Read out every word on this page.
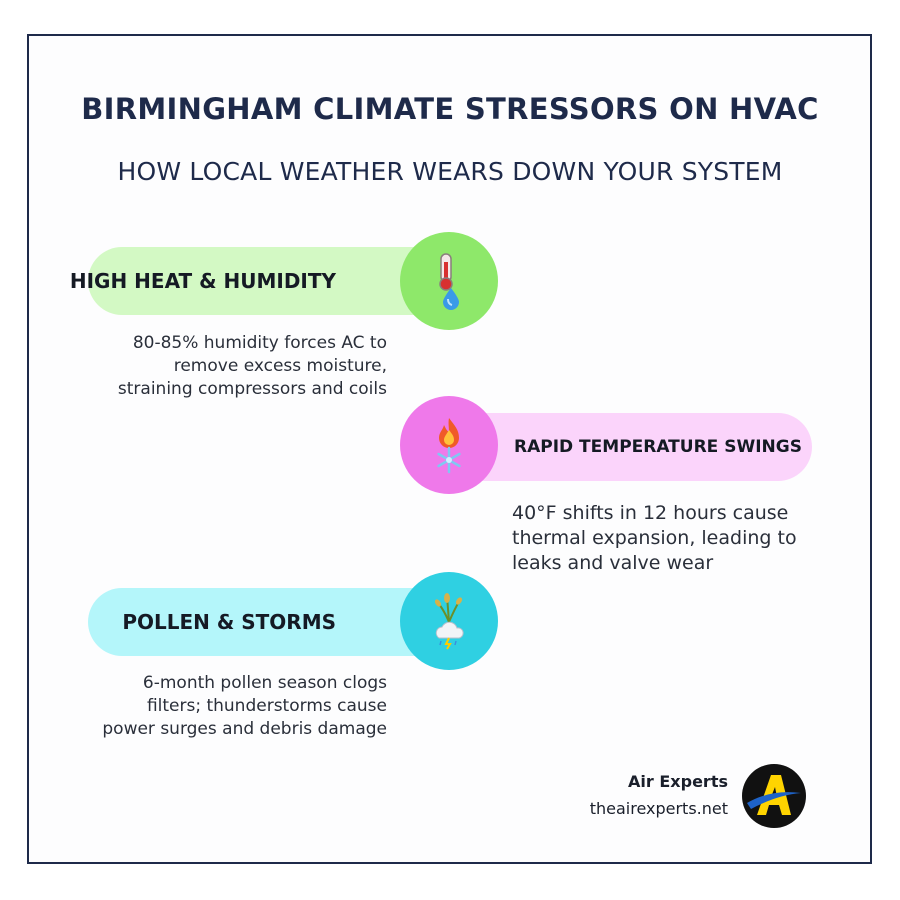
BIRMINGHAM CLIMATE STRESSORS ON HVAC
HOW LOCAL WEATHER WEARS DOWN YOUR SYSTEM
HIGH HEAT & HUMIDITY
80-85% humidity forces AC to remove excess moisture, straining compressors and coils
RAPID TEMPERATURE SWINGS
40°F shifts in 12 hours cause thermal expansion, leading to leaks and valve wear
POLLEN & STORMS
6-month pollen season clogs filters; thunderstorms cause power surges and debris damage
Air Experts
theairexperts.net
